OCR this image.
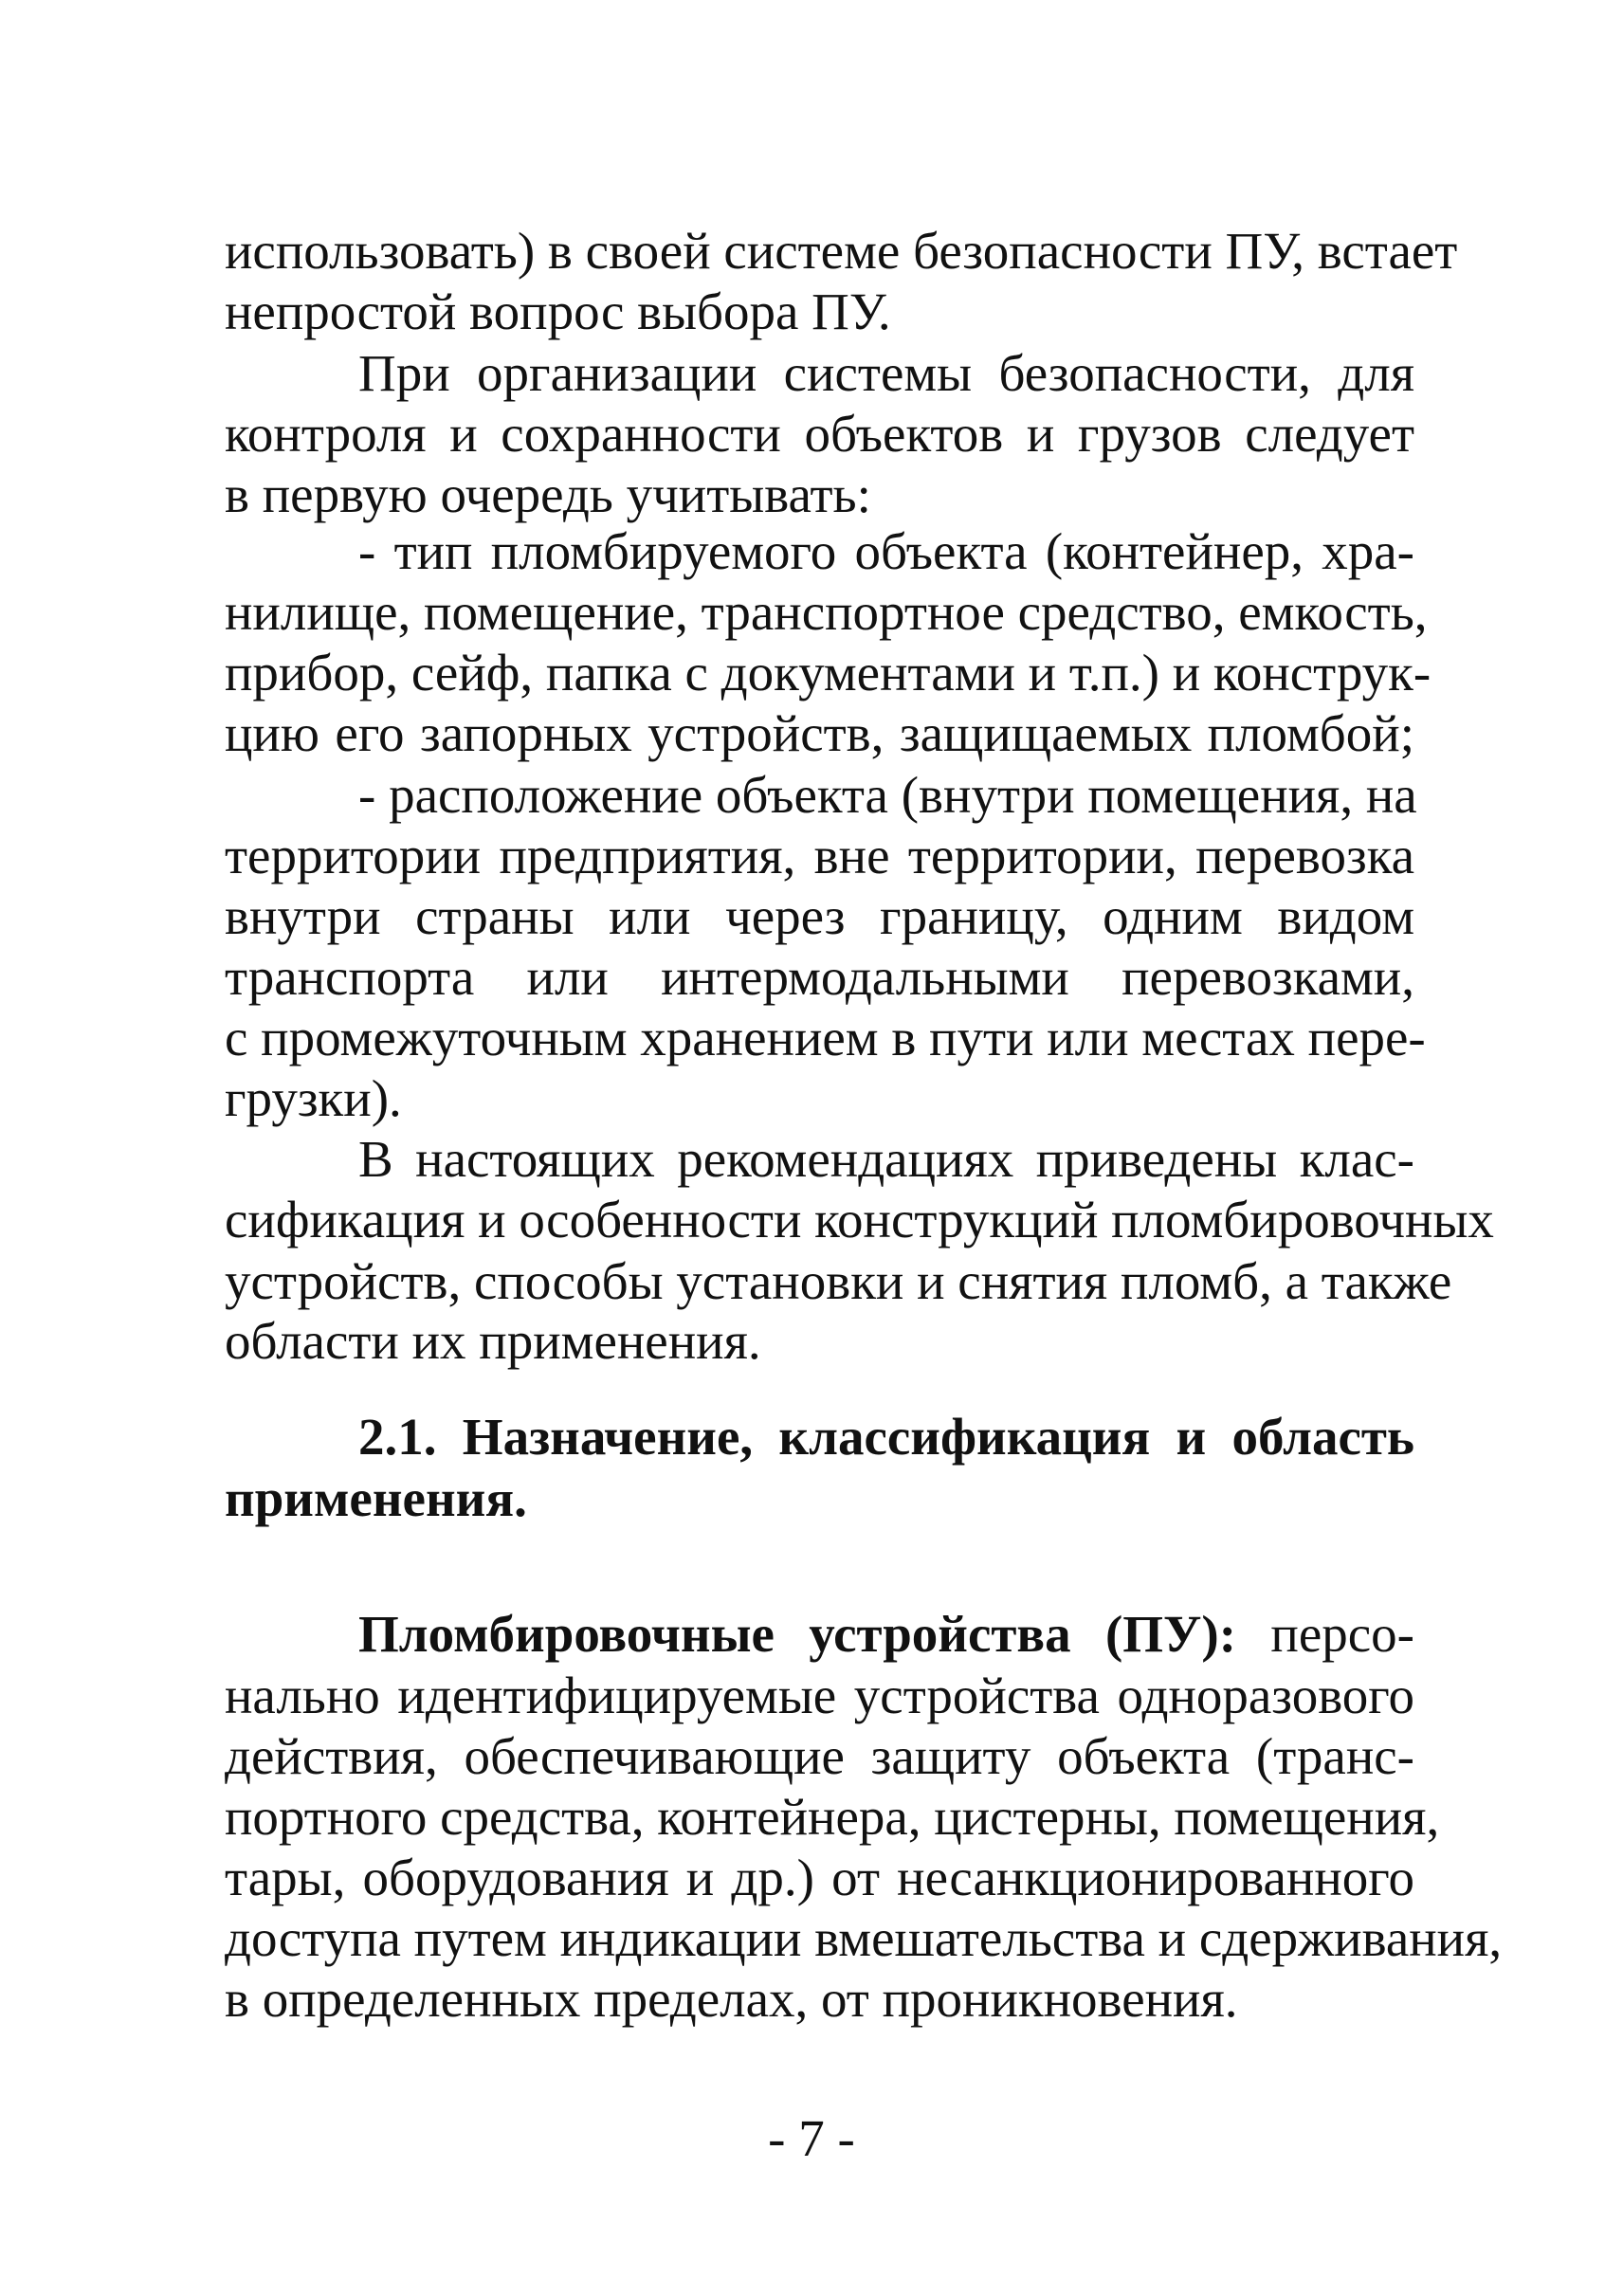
использовать) в своей системе безопасности ПУ, встает
непростой вопрос выбора ПУ.
При организации системы безопасности, для
контроля и сохранности объектов и грузов следует
в первую очередь учитывать:
- тип пломбируемого объекта (контейнер, хра-
нилище, помещение, транспортное средство, емкость,
прибор, сейф, папка с документами и т.п.) и конструк-
цию его запорных устройств, защищаемых пломбой;
- расположение объекта (внутри помещения, на
территории предприятия, вне территории, перевозка
внутри страны или через границу, одним видом
транспорта или интермодальными перевозками,
с промежуточным хранением в пути или местах пере-
грузки).
В настоящих рекомендациях приведены клас-
сификация и особенности конструкций пломбировочных
устройств, способы установки и снятия пломб, а также
области их применения.
2.1. Назначение, классификация и область
применения.
Пломбировочные устройства (ПУ): персо-
нально идентифицируемые устройства одноразового
действия, обеспечивающие защиту объекта (транс-
портного средства, контейнера, цистерны, помещения,
тары, оборудования и др.) от несанкционированного
доступа путем индикации вмешательства и сдерживания,
в определенных пределах, от проникновения.
- 7 -
